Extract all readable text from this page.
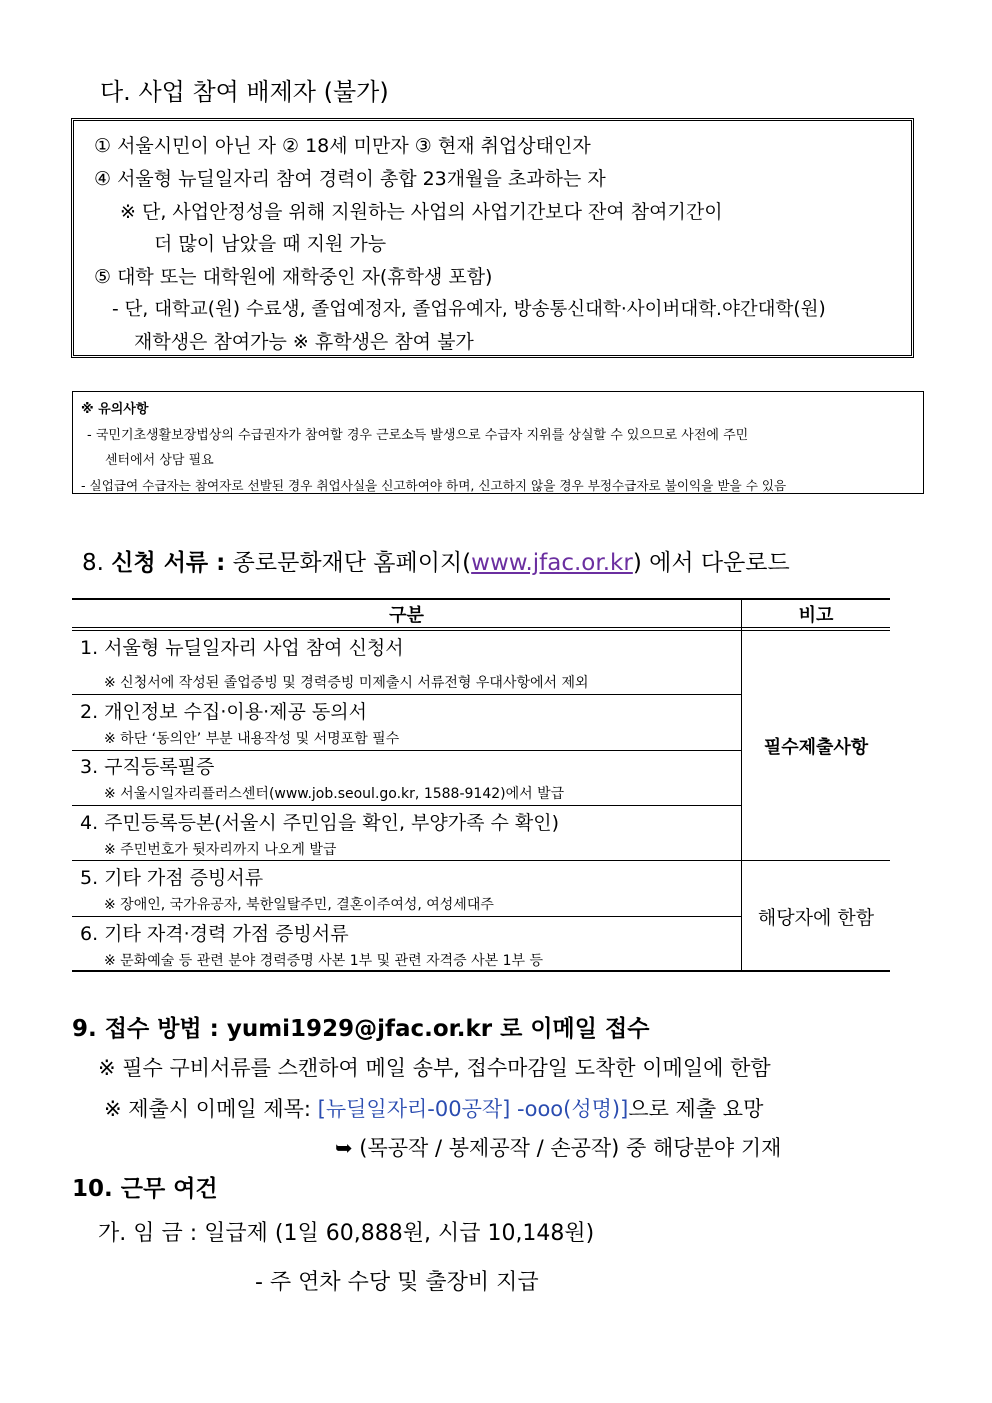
다. 사업 참여 배제자 (불가)
① 서울시민이 아닌 자 ② 18세 미만자 ③ 현재 취업상태인자
④ 서울형 뉴딜일자리 참여 경력이 총합 23개월을 초과하는 자
※ 단, 사업안정성을 위해 지원하는 사업의 사업기간보다 잔여 참여기간이
더 많이 남았을 때 지원 가능
⑤ 대학 또는 대학원에 재학중인 자(휴학생 포함)
- 단, 대학교(원) 수료생, 졸업예정자, 졸업유예자, 방송통신대학·사이버대학.야간대학(원)
재학생은 참여가능 ※ 휴학생은 참여 불가
※ 유의사항
- 국민기초생활보장법상의 수급권자가 참여할 경우 근로소득 발생으로 수급자 지위를 상실할 수 있으므로 사전에 주민
센터에서 상담 필요
- 실업급여 수급자는 참여자로 선발된 경우 취업사실을 신고하여야 하며, 신고하지 않을 경우 부정수급자로 불이익을 받을 수 있음
8. 신청 서류 : 종로문화재단 홈페이지(www.jfac.or.kr) 에서 다운로드
구분	비고
1. 서울형 뉴딜일자리 사업 참여 신청서
※ 신청서에 작성된 졸업증빙 및 경력증빙 미제출시 서류전형 우대사항에서 제외
2. 개인정보 수집·이용·제공 동의서
※ 하단 ‘동의안’ 부분 내용작성 및 서명포함 필수
3. 구직등록필증
※ 서울시일자리플러스센터(www.job.seoul.go.kr, 1588-9142)에서 발급
4. 주민등록등본(서울시 주민임을 확인, 부양가족 수 확인)
※ 주민번호가 뒷자리까지 나오게 발급
5. 기타 가점 증빙서류
※ 장애인, 국가유공자, 북한일탈주민, 결혼이주여성, 여성세대주
6. 기타 자격·경력 가점 증빙서류
※ 문화예술 등 관련 분야 경력증명 사본 1부 및 관련 자격증 사본 1부 등
필수제출사항
해당자에 한함
9. 접수 방법 : yumi1929@jfac.or.kr 로 이메일 접수
※ 필수 구비서류를 스캔하여 메일 송부, 접수마감일 도착한 이메일에 한함
※ 제출시 이메일 제목: [뉴딜일자리-00공작] -ooo(성명)]으로 제출 요망
➥ (목공작 / 봉제공작 / 손공작) 중 해당분야 기재
10. 근무 여건
가. 임 금 : 일급제 (1일 60,888원, 시급 10,148원)
- 주 연차 수당 및 출장비 지급
